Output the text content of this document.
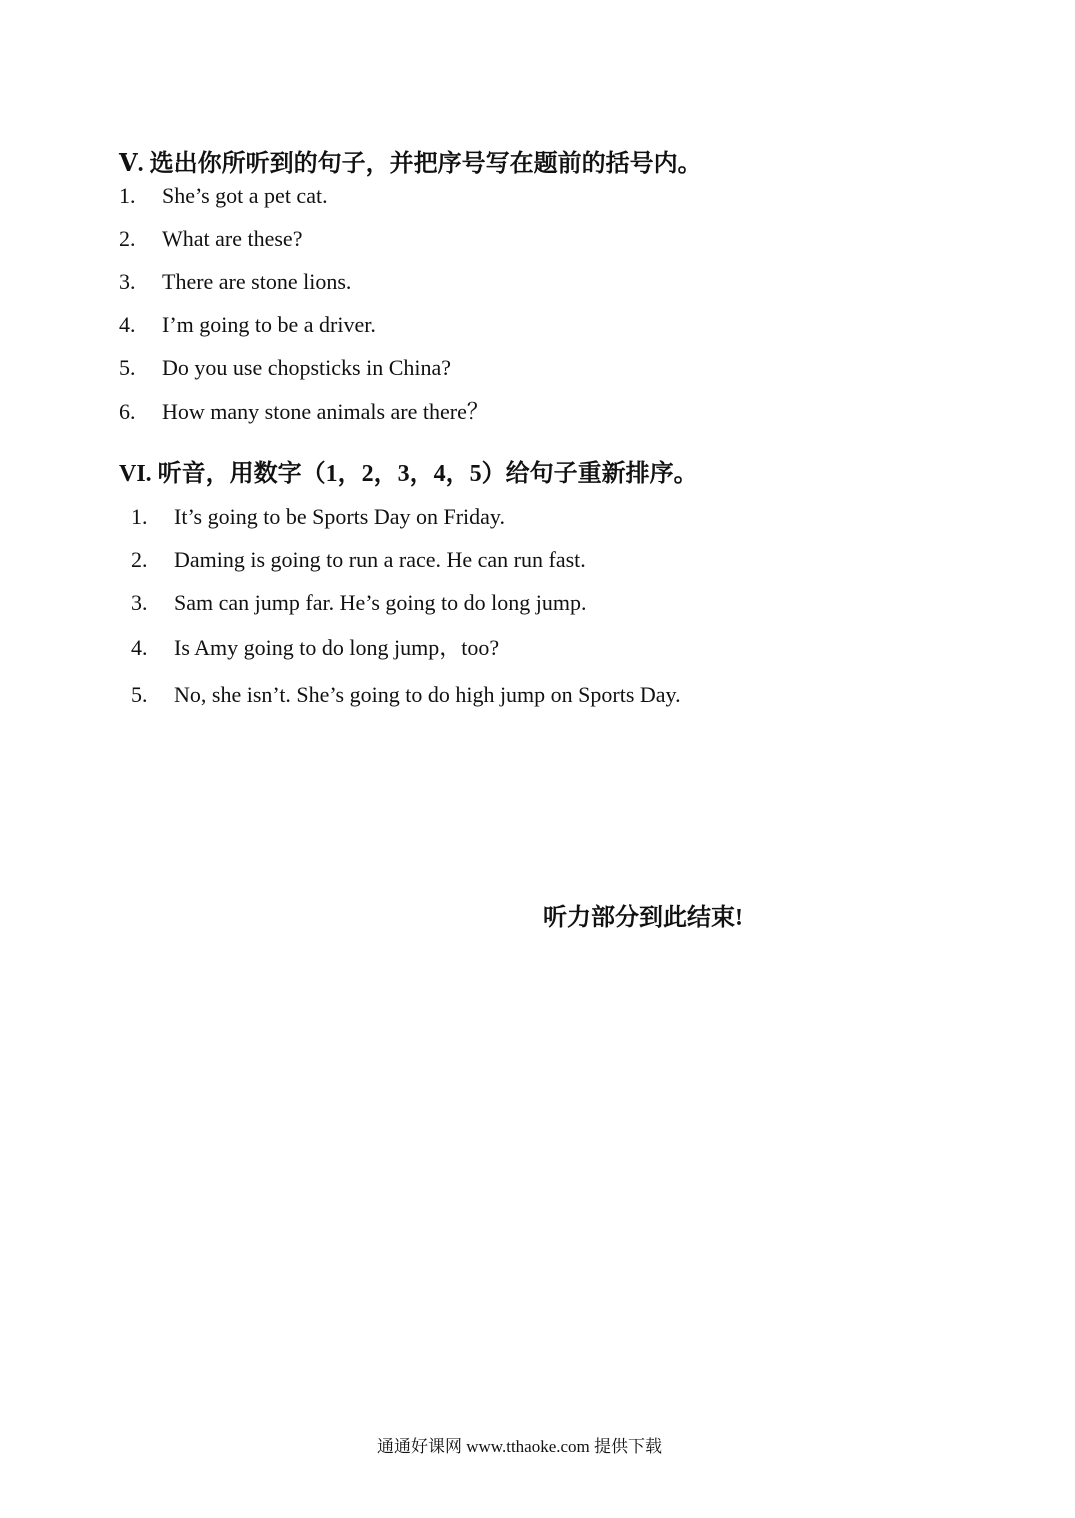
Ⅴ. 选出你所听到的句子，并把序号写在题前的括号内。
1. She’s got a pet cat.
2. What are these?
3. There are stone lions.
4. I’m going to be a driver.
5. Do you use chopsticks in China?
6. How many stone animals are there？
VI. 听音，用数字（1，2，3，4，5）给句子重新排序。
1. It’s going to be Sports Day on Friday.
2. Daming is going to run a race. He can run fast.
3. Sam can jump far. He’s going to do long jump.
4. Is Amy going to do long jump，too?
5. No, she isn’t. She’s going to do high jump on Sports Day.
听力部分到此结束!
通通好课网 www.tthaoke.com 提供下载
